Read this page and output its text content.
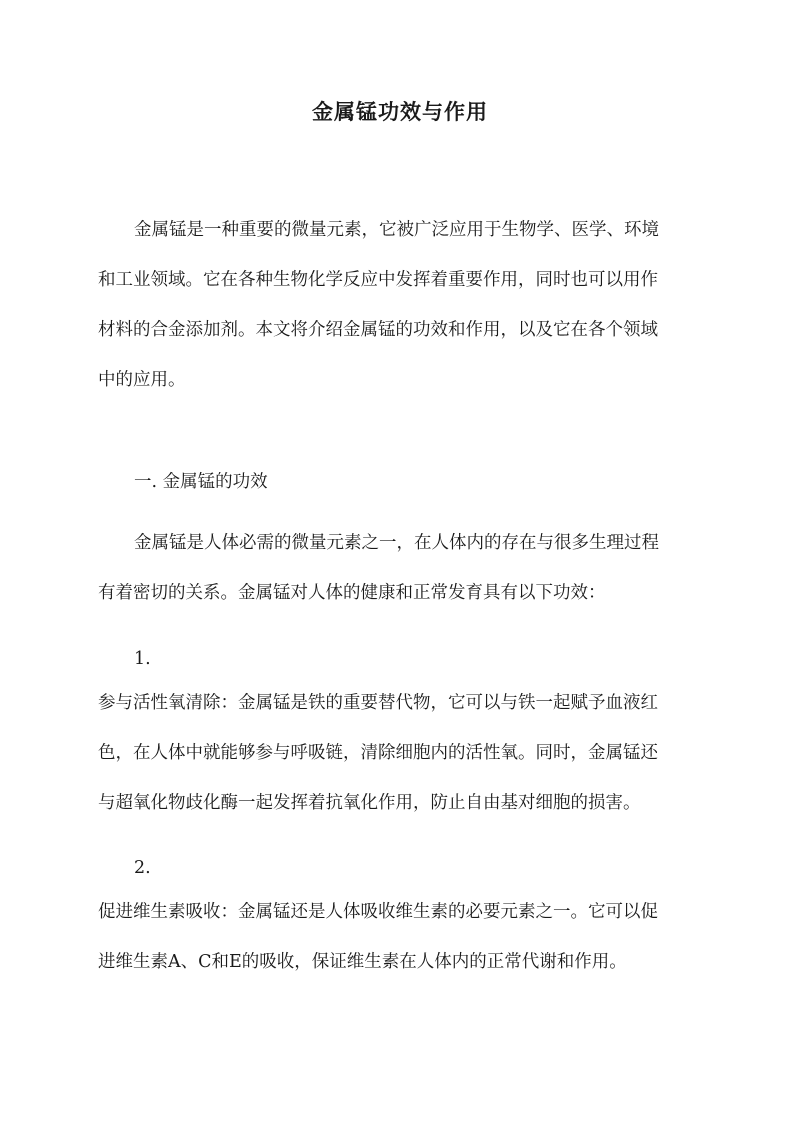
金属锰功效与作用
金属锰是一种重要的微量元素，它被广泛应用于生物学、医学、环境
和工业领域。它在各种生物化学反应中发挥着重要作用，同时也可以用作
材料的合金添加剂。本文将介绍金属锰的功效和作用，以及它在各个领域
中的应用。

一. 金属锰的功效

金属锰是人体必需的微量元素之一，在人体内的存在与很多生理过程
有着密切的关系。金属锰对人体的健康和正常发育具有以下功效：

1.

参与活性氧清除：金属锰是铁的重要替代物，它可以与铁一起赋予血液红
色，在人体中就能够参与呼吸链，清除细胞内的活性氧。同时，金属锰还
与超氧化物歧化酶一起发挥着抗氧化作用，防止自由基对细胞的损害。

2.

促进维生素吸收：金属锰还是人体吸收维生素的必要元素之一。它可以促
进维生素A、C和E的吸收，保证维生素在人体内的正常代谢和作用。
